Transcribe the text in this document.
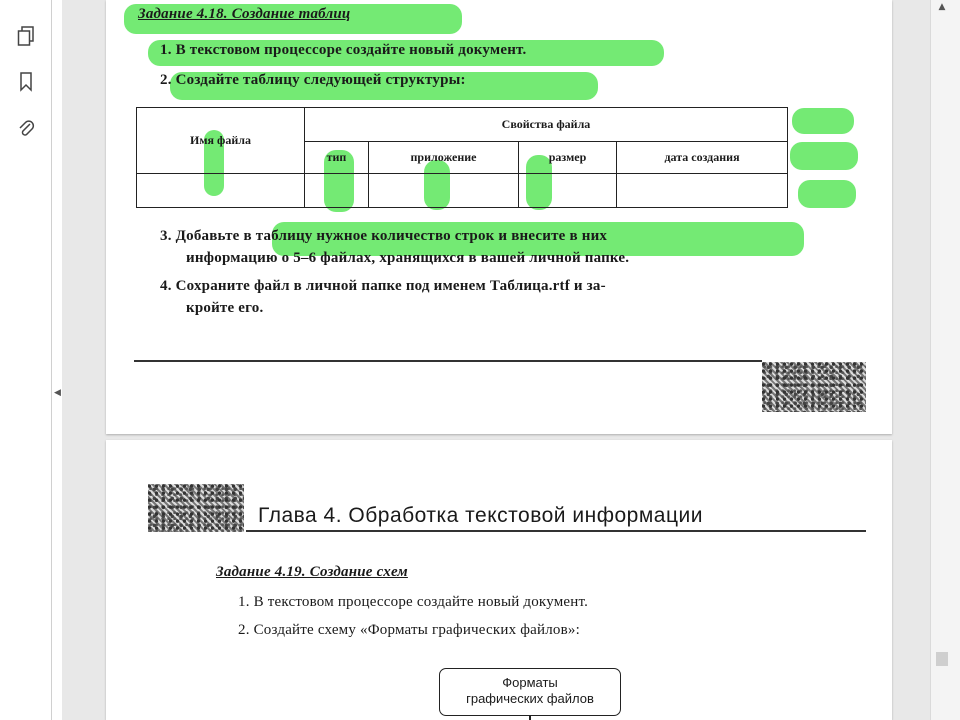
◀
Задание 4.18. Создание таблиц
1. В текстовом процессоре создайте новый документ.
2. Создайте таблицу следующей структуры:
Имя файла	Свойства файла			
	тип	приложение	размер	дата создания

3. Добавьте в таблицу нужное количество строк и внесите в них
информацию о 5–6 файлах, хранящихся в вашей личной папке.
4. Сохраните файл в личной папке под именем Таблица.rtf и за-
кройте его.
Глава 4. Обработка текстовой информации
Задание 4.19. Создание схем
1. В текстовом процессоре создайте новый документ.
2. Создайте схему «Форматы графических файлов»:
Форматы
графических файлов
▲
